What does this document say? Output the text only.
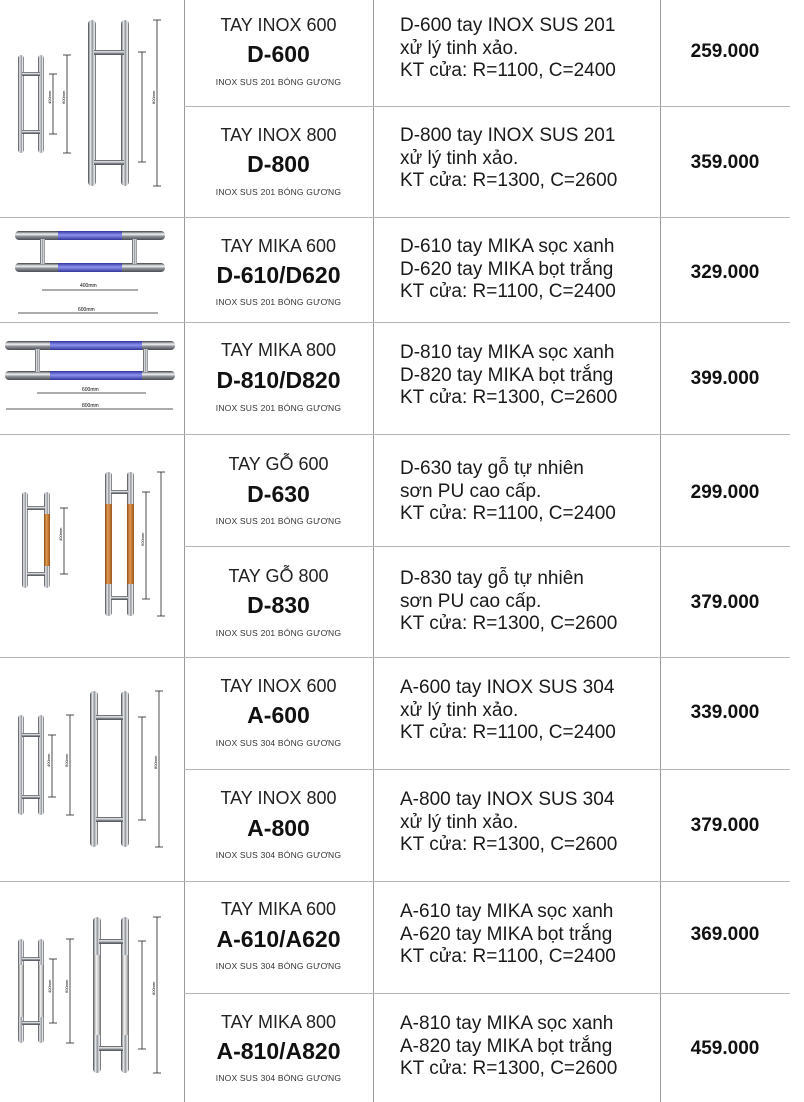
TAY INOX 600
D-600
INOX SUS 201 BÓNG GƯƠNG
D-600 tay INOX SUS 201
xử lý tinh xảo.
KT cửa: R=1100, C=2400
259.000
TAY INOX 800
D-800
INOX SUS 201 BÓNG GƯƠNG
D-800 tay INOX SUS 201
xử lý tinh xảo.
KT cửa: R=1300, C=2600
359.000
TAY MIKA 600
D-610/D620
INOX SUS 201 BÓNG GƯƠNG
D-610 tay MIKA sọc xanh
D-620 tay MIKA bọt trắng
KT cửa: R=1100, C=2400
329.000
TAY MIKA 800
D-810/D820
INOX SUS 201 BÓNG GƯƠNG
D-810 tay MIKA sọc xanh
D-820 tay MIKA bọt trắng
KT cửa: R=1300, C=2600
399.000
TAY GỖ 600
D-630
INOX SUS 201 BÓNG GƯƠNG
D-630 tay gỗ tự nhiên
sơn PU cao cấp.
KT cửa: R=1100, C=2400
299.000
TAY GỖ 800
D-830
INOX SUS 201 BÓNG GƯƠNG
D-830 tay gỗ tự nhiên
sơn PU cao cấp.
KT cửa: R=1300, C=2600
379.000
TAY INOX 600
A-600
INOX SUS 304 BÓNG GƯƠNG
A-600 tay INOX SUS 304
xử lý tinh xảo.
KT cửa: R=1100, C=2400
339.000
TAY INOX 800
A-800
INOX SUS 304 BÓNG GƯƠNG
A-800 tay INOX SUS 304
xử lý tinh xảo.
KT cửa: R=1300, C=2600
379.000
TAY MIKA 600
A-610/A620
INOX SUS 304 BÓNG GƯƠNG
A-610 tay MIKA sọc xanh
A-620 tay MIKA bọt trắng
KT cửa: R=1100, C=2400
369.000
TAY MIKA 800
A-810/A820
INOX SUS 304 BÓNG GƯƠNG
A-810 tay MIKA sọc xanh
A-820 tay MIKA bọt trắng
KT cửa: R=1300, C=2600
459.000
400mm 600mm	800mm
400mm
600mm
600mm
800mm
400mm	600mm
400mm	600mm	800mm
400mm	600mm	800mm
